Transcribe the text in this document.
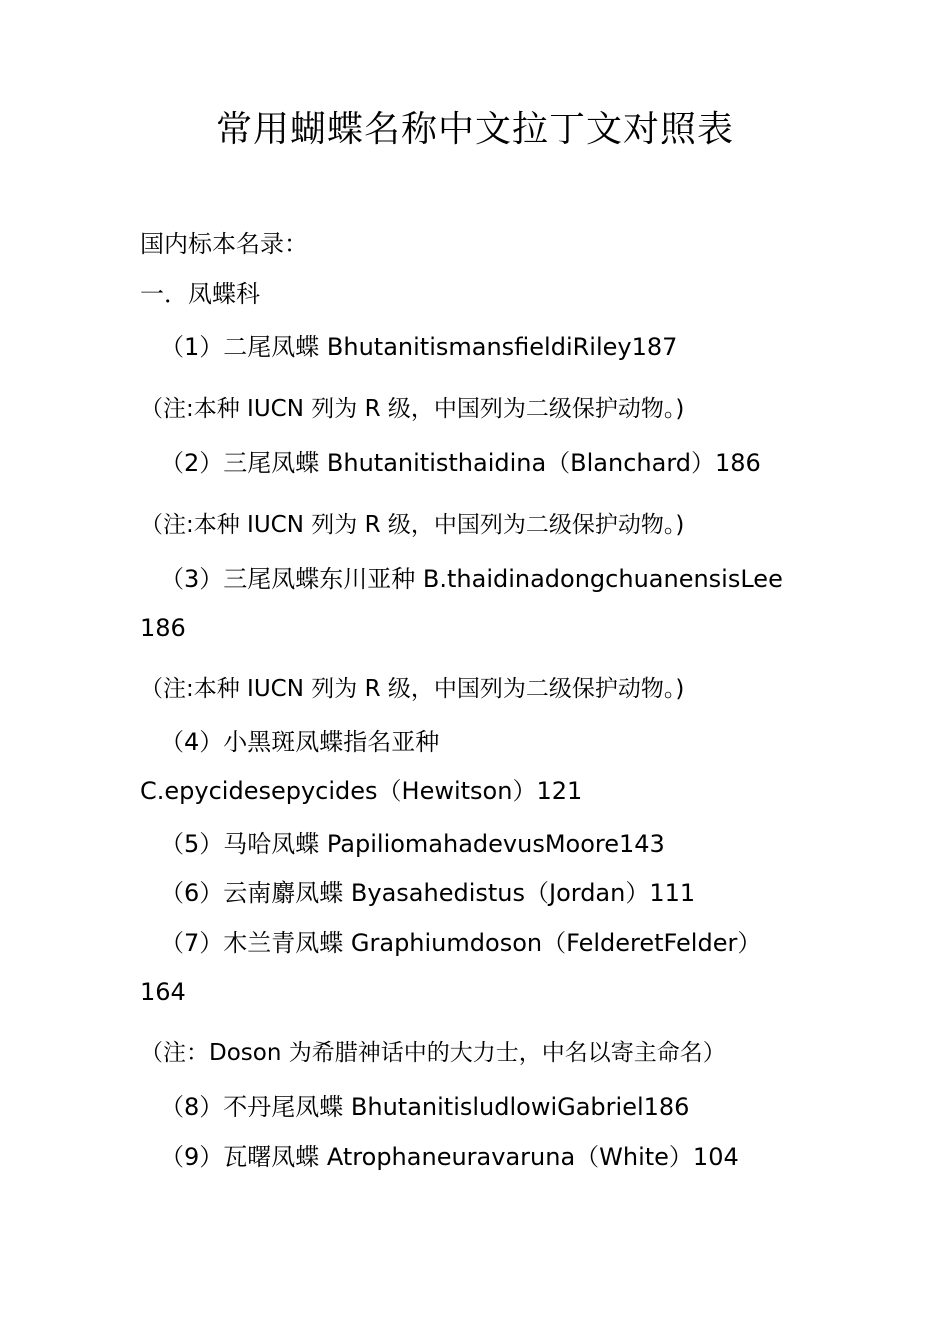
常用蝴蝶名称中文拉丁文对照表
国内标本名录：
一．凤蝶科
（1）二尾凤蝶 BhutanitismansfieldiRiley187
（注:本种 IUCN 列为 R 级，中国列为二级保护动物。)
（2）三尾凤蝶 Bhutanitisthaidina（Blanchard）186
（注:本种 IUCN 列为 R 级，中国列为二级保护动物。)
（3）三尾凤蝶东川亚种 B.thaidinadongchuanensisLee
186
（注:本种 IUCN 列为 R 级，中国列为二级保护动物。)
（4）小黑斑凤蝶指名亚种
C.epycidesepycides（Hewitson）121
（5）马哈凤蝶 PapiliomahadevusMoore143
（6）云南麝凤蝶 Byasahedistus（Jordan）111
（7）木兰青凤蝶 Graphiumdoson（FelderetFelder）
164
（注：Doson 为希腊神话中的大力士，中名以寄主命名）
（8）不丹尾凤蝶 BhutanitisludlowiGabriel186
（9）瓦曙凤蝶 Atrophaneuravaruna（White）104
